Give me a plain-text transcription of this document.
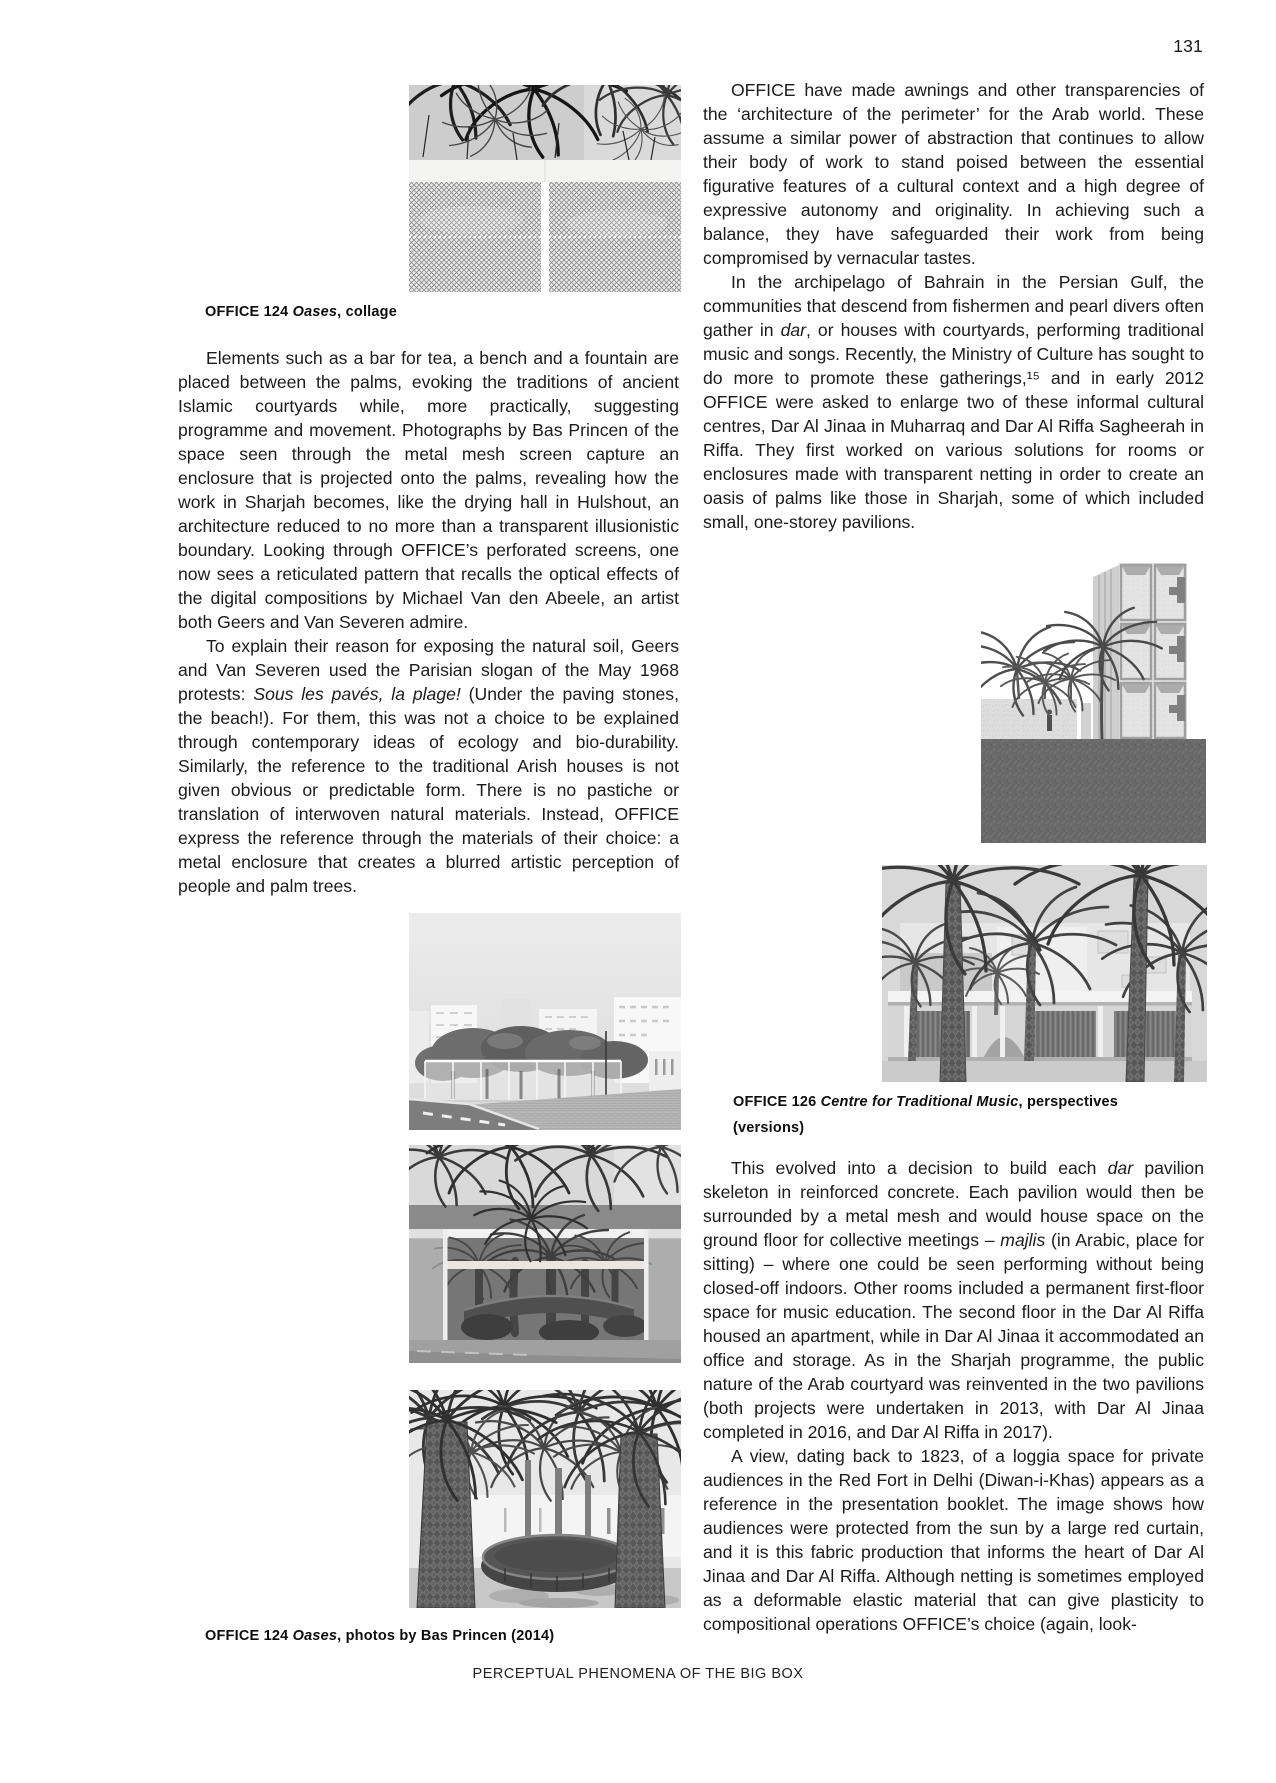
131
OFFICE 124 Oases, collage

Elements such as a bar for tea, a bench and a fountain are placed between the palms, evoking the traditions of ancient Islamic courtyards while, more practically, suggesting programme and movement. Photographs by Bas Princen of the space seen through the metal mesh screen capture an enclosure that is projected onto the palms, revealing how the work in Sharjah becomes, like the drying hall in Hulshout, an architecture reduced to no more than a transparent illusionistic boundary. Looking through OFFICE’s perforated screens, one now sees a reticulated pattern that recalls the optical effects of the digital compositions by Michael Van den Abeele, an artist both Geers and Van Severen admire.

To explain their reason for exposing the natural soil, Geers and Van Severen used the Parisian slogan of the May 1968 protests: Sous les pavés, la plage! (Under the paving stones, the beach!). For them, this was not a choice to be explained through contemporary ideas of ecology and bio-durability. Similarly, the reference to the traditional Arish houses is not given obvious or predictable form. There is no pastiche or translation of interwoven natural materials. Instead, OFFICE express the reference through the materials of their choice: a metal enclosure that creates a blurred artistic perception of people and palm trees.

OFFICE have made awnings and other transparencies of the ‘architecture of the perimeter’ for the Arab world. These assume a similar power of abstraction that continues to allow their body of work to stand poised between the essential figurative features of a cultural context and a high degree of expressive autonomy and originality. In achieving such a balance, they have safeguarded their work from being compromised by vernacular tastes.

In the archipelago of Bahrain in the Persian Gulf, the communities that descend from fishermen and pearl divers often gather in dar, or houses with courtyards, performing traditional music and songs. Recently, the Ministry of Culture has sought to do more to promote these gatherings,¹⁵ and in early 2012 OFFICE were asked to enlarge two of these informal cultural centres, Dar Al Jinaa in Muharraq and Dar Al Riffa Sagheerah in Riffa. They first worked on various solutions for rooms or enclosures made with transparent netting in order to create an oasis of palms like those in Sharjah, some of which included small, one-storey pavilions.

OFFICE 126 Centre for Traditional Music, perspectives
(versions)

This evolved into a decision to build each dar pavilion skeleton in reinforced concrete. Each pavilion would then be surrounded by a metal mesh and would house space on the ground floor for collective meetings – majlis (in Arabic, place for sitting) – where one could be seen performing without being closed-off indoors. Other rooms included a permanent first-floor space for music education. The second floor in the Dar Al Riffa housed an apartment, while in Dar Al Jinaa it accommodated an office and storage. As in the Sharjah programme, the public nature of the Arab courtyard was reinvented in the two pavilions (both projects were undertaken in 2013, with Dar Al Jinaa completed in 2016, and Dar Al Riffa in 2017).

A view, dating back to 1823, of a loggia space for private audiences in the Red Fort in Delhi (Diwan-i-Khas) appears as a reference in the presentation booklet. The image shows how audiences were protected from the sun by a large red curtain, and it is this fabric production that informs the heart of Dar Al Jinaa and Dar Al Riffa. Although netting is sometimes employed as a deformable elastic material that can give plasticity to compositional operations OFFICE’s choice (again, look-

OFFICE 124 Oases, photos by Bas Princen (2014)
PERCEPTUAL PHENOMENA OF THE BIG BOX
